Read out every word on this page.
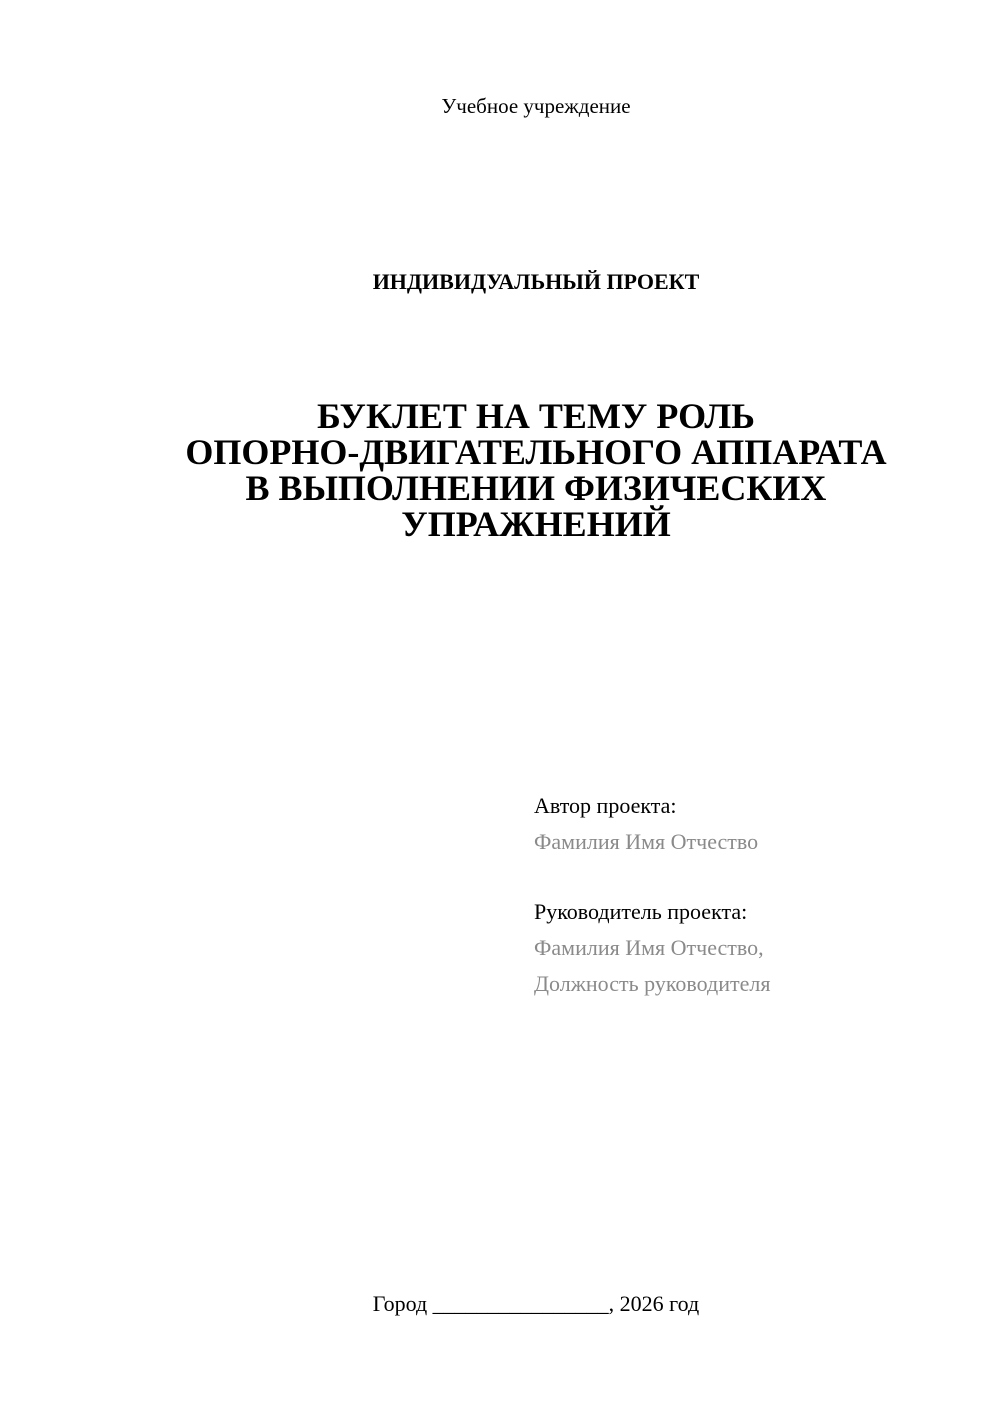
Учебное учреждение
ИНДИВИДУАЛЬНЫЙ ПРОЕКТ
БУКЛЕТ НА ТЕМУ РОЛЬ
ОПОРНО-ДВИГАТЕЛЬНОГО АППАРАТА
В ВЫПОЛНЕНИИ ФИЗИЧЕСКИХ
УПРАЖНЕНИЙ
Автор проекта:
Фамилия Имя Отчество
Руководитель проекта:
Фамилия Имя Отчество,
Должность руководителя
Город ________________, 2026 год
